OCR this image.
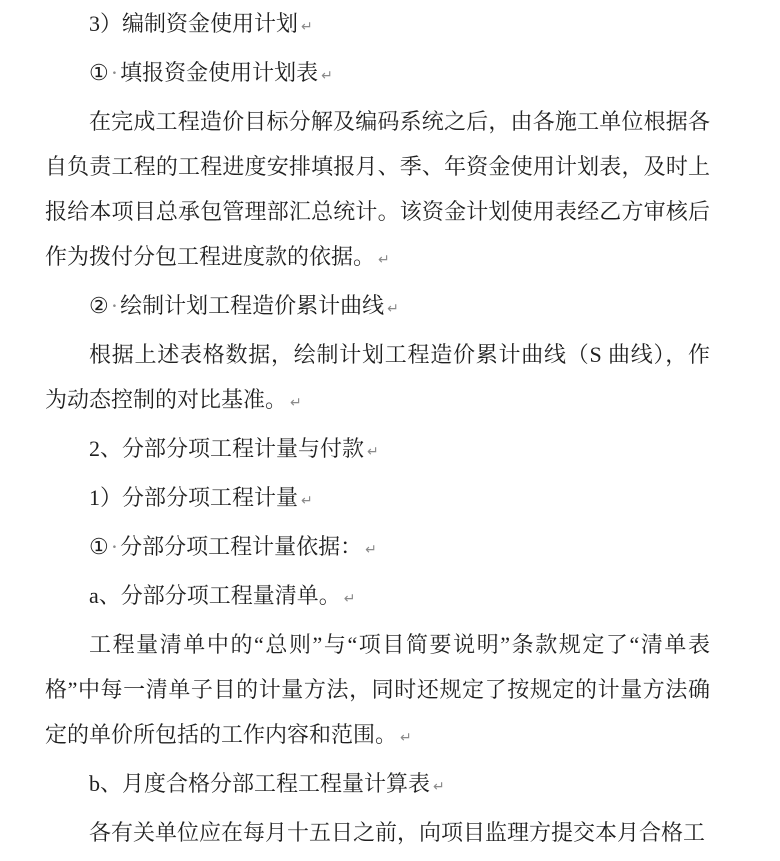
3）编制资金使用计划 ↵

①·填报资金使用计划表 ↵

在完成工程造价目标分解及编码系统之后，由各施工单位根据各自负责工程的工程进度安排填报月、季、年资金使用计划表，及时上报给本项目总承包管理部汇总统计。该资金计划使用表经乙方审核后作为拨付分包工程进度款的依据。 ↵

②·绘制计划工程造价累计曲线 ↵

根据上述表格数据，绘制计划工程造价累计曲线（S 曲线），作为动态控制的对比基准。 ↵

2、分部分项工程计量与付款 ↵

1）分部分项工程计量 ↵

①·分部分项工程计量依据： ↵

a、分部分项工程量清单。 ↵

工程量清单中的“总则”与“项目简要说明”条款规定了“清单表格”中每一清单子目的计量方法，同时还规定了按规定的计量方法确定的单价所包括的工作内容和范围。 ↵

b、月度合格分部工程工程量计算表 ↵

各有关单位应在每月十五日之前，向项目监理方提交本月合格工
